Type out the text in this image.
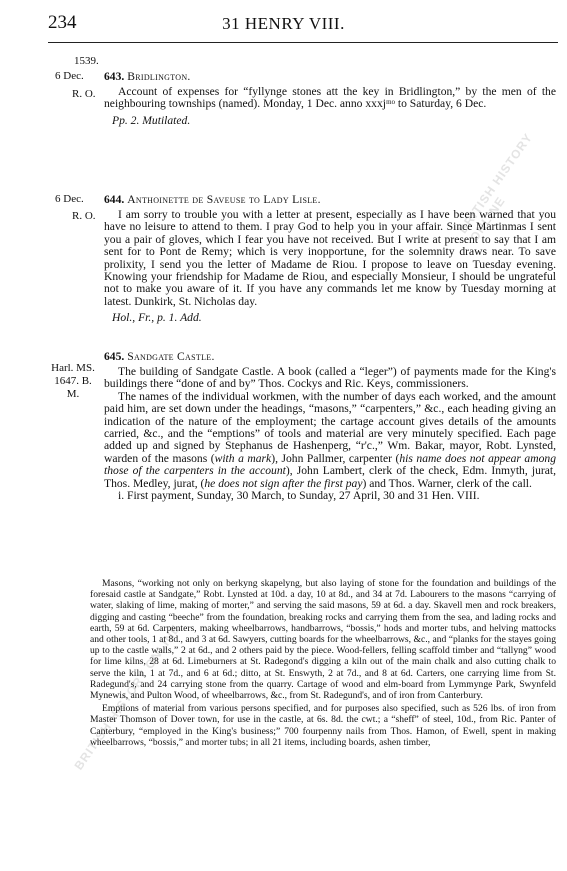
234	31 HENRY VIII.
BRITISH HISTORY ONLINE
BRITISH HISTORY ONLINE
1539.
6 Dec.
R. O.

643. Bridlington.

Account of expenses for “fyllynge stones att the key in Bridlington,” by the men of the neighbouring townships (named). Monday, 1 Dec. anno xxxjᵐᵒ to Saturday, 6 Dec.

Pp. 2. Mutilated.

6 Dec.
R. O.

644. Anthoinette de Saveuse to Lady Lisle.

I am sorry to trouble you with a letter at present, especially as I have been warned that you have no leisure to attend to them. I pray God to help you in your affair. Since Martinmas I sent you a pair of gloves, which I fear you have not received. But I write at present to say that I am sent for to Pont de Remy; which is very inopportune, for the solemnity draws near. To save prolixity, I send you the letter of Madame de Riou. I propose to leave on Tuesday evening. Knowing your friendship for Madame de Riou, and especially Monsieur, I should be ungrateful not to make you aware of it. If you have any commands let me know by Tuesday morning at latest. Dunkirk, St. Nicholas day.

Hol., Fr., p. 1. Add.

Harl. MS. 1647. B. M.

645. Sandgate Castle.

The building of Sandgate Castle. A book (called a “leger”) of payments made for the King's buildings there “done of and by” Thos. Cockys and Ric. Keys, commissioners.

The names of the individual workmen, with the number of days each worked, and the amount paid him, are set down under the headings, “masons,” “carpenters,” &c., each heading giving an indication of the nature of the employment; the cartage account gives details of the amounts carried, &c., and the “emptions” of tools and material are very minutely specified. Each page added up and signed by Stephanus de Hashenperg, “r'c.,” Wm. Bakar, mayor, Robt. Lynsted, warden of the masons (with a mark), John Pallmer, carpenter (his name does not appear among those of the carpenters in the account), John Lambert, clerk of the check, Edm. Inmyth, jurat, Thos. Medley, jurat, (he does not sign after the first pay) and Thos. Warner, clerk of the call.

i. First payment, Sunday, 30 March, to Sunday, 27 April, 30 and 31 Hen. VIII.

Masons, “working not only on berkyng skapelyng, but also laying of stone for the foundation and buildings of the foresaid castle at Sandgate,” Robt. Lynsted at 10d. a day, 10 at 8d., and 34 at 7d. Labourers to the masons “carrying of water, slaking of lime, making of morter,” and serving the said masons, 59 at 6d. a day. Skavell men and rock breakers, digging and casting “beeche” from the foundation, breaking rocks and carrying them from the sea, and lading rocks and earth, 59 at 6d. Carpenters, making wheelbarrows, handbarrows, “bossis,” hods and morter tubs, and helving mattocks and other tools, 1 at 8d., and 3 at 6d. Sawyers, cutting boards for the wheelbarrows, &c., and “planks for the stayes going up to the castle walls,” 2 at 6d., and 2 others paid by the piece. Wood-fellers, felling scaffold timber and “tallyng” wood for lime kilns, 28 at 6d. Limeburners at St. Radegond's digging a kiln out of the main chalk and also cutting chalk to serve the kiln, 1 at 7d., and 6 at 6d.; ditto, at St. Enswyth, 2 at 7d., and 8 at 6d. Carters, one carrying lime from St. Radegund's, and 24 carrying stone from the quarry. Cartage of wood and elm-board from Lymmynge Park, Swynfeld Mynewis, and Pulton Wood, of wheelbarrows, &c., from St. Radegund's, and of iron from Canterbury.

Emptions of material from various persons specified, and for purposes also specified, such as 526 lbs. of iron from Master Thomson of Dover town, for use in the castle, at 6s. 8d. the cwt.; a “sheff” of steel, 10d., from Ric. Panter of Canterbury, “employed in the King's business;” 700 fourpenny nails from Thos. Hamon, of Ewell, spent in making wheelbarrows, “bossis,” and morter tubs; in all 21 items, including boards, ashen timber,
